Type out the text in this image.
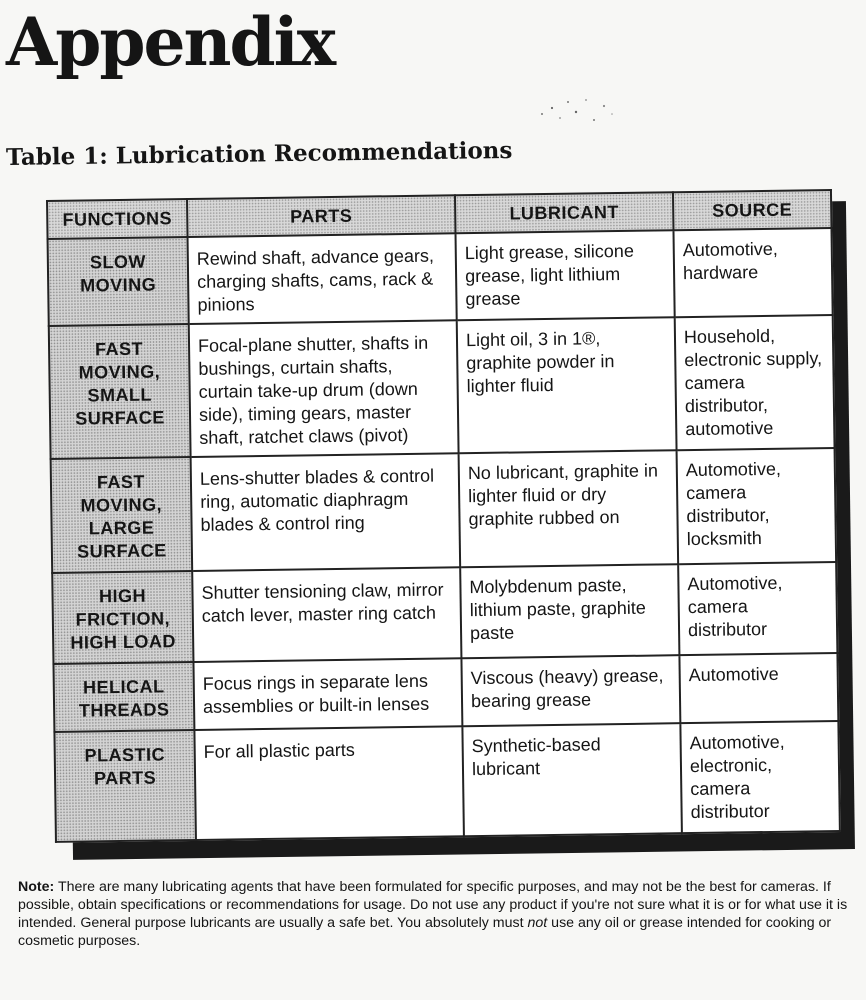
Appendix
Table 1: Lubrication Recommendations
FUNCTIONS	PARTS	LUBRICANT	SOURCE
SLOW MOVING	Rewind shaft, advance gears, charging shafts, cams, rack & pinions	Light grease, silicone grease, light lithium grease	Automotive, hardware
FAST MOVING, SMALL SURFACE	Focal-plane shutter, shafts in bushings, curtain shafts, curtain take-up drum (down side), timing gears, master shaft, ratchet claws (pivot)	Light oil, 3 in 1®, graphite powder in lighter fluid	Household, electronic supply, camera distributor, automotive
FAST MOVING, LARGE SURFACE	Lens-shutter blades & control ring, automatic diaphragm blades & control ring	No lubricant, graphite in lighter fluid or dry graphite rubbed on	Automotive, camera distributor, locksmith
HIGH FRICTION, HIGH LOAD	Shutter tensioning claw, mirror catch lever, master ring catch	Molybdenum paste, lithium paste, graphite paste	Automotive, camera distributor
HELICAL THREADS	Focus rings in separate lens assemblies or built-in lenses	Viscous (heavy) grease, bearing grease	Automotive
PLASTIC PARTS	For all plastic parts	Synthetic-based lubricant	Automotive, electronic, camera distributor

Note: There are many lubricating agents that have been formulated for specific purposes, and may not be the best for cameras. If possible, obtain specifications or recommendations for usage. Do not use any product if you're not sure what it is or for what use it is intended. General purpose lubricants are usually a safe bet. You absolutely must not use any oil or grease intended for cooking or cosmetic purposes.
